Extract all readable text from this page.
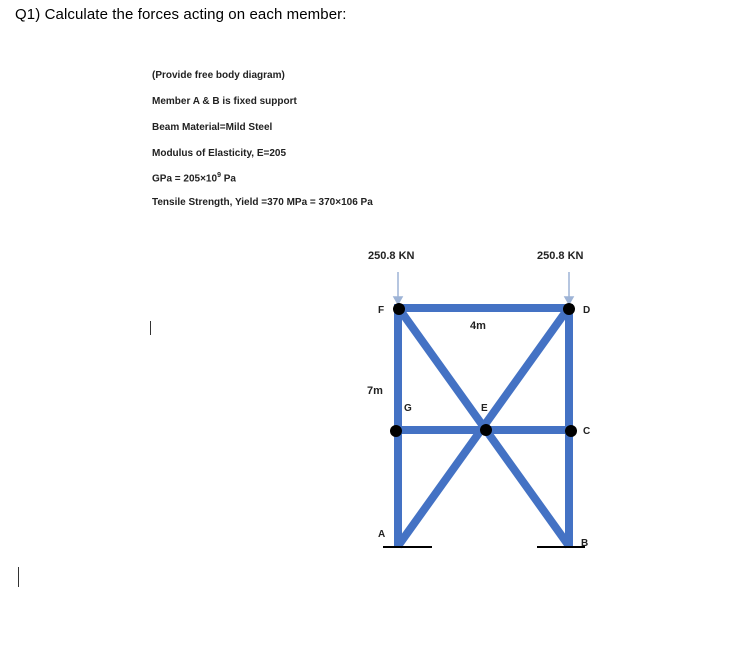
Q1) Calculate the forces acting on each member:
(Provide free body diagram)
Member A & B is fixed support
Beam Material=Mild Steel
Modulus of Elasticity, E=205
GPa = $205\times 10^9$ Pa
Tensile Strength, Yield =370 MPa = 370×106 Pa
250.8 KN	250.8 KN
4m
7m
F	D
G	E
C
A
B
